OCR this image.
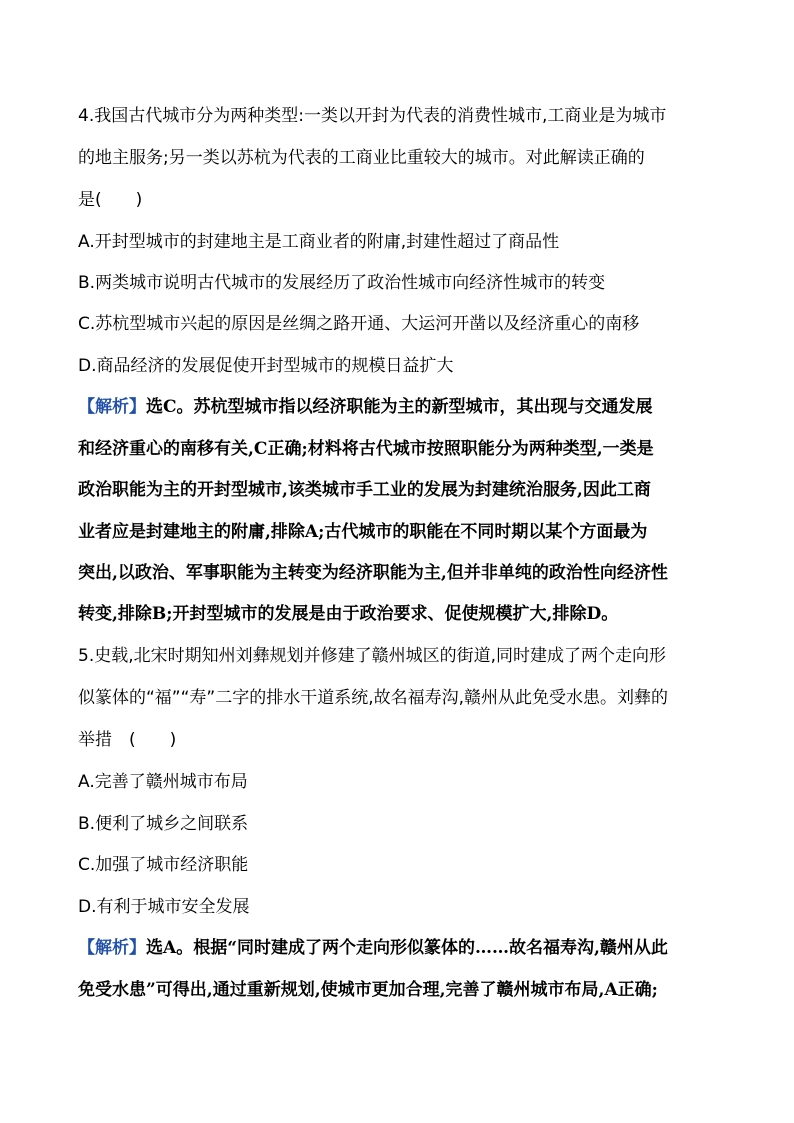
4.我国古代城市分为两种类型:一类以开封为代表的消费性城市,工商业是为城市
的地主服务;另一类以苏杭为代表的工商业比重较大的城市。对此解读正确的
是(　　)
A.开封型城市的封建地主是工商业者的附庸,封建性超过了商品性
B.两类城市说明古代城市的发展经历了政治性城市向经济性城市的转变
C.苏杭型城市兴起的原因是丝绸之路开通、大运河开凿以及经济重心的南移
D.商品经济的发展促使开封型城市的规模日益扩大
【解析】选C。苏杭型城市指以经济职能为主的新型城市，其出现与交通发展
和经济重心的南移有关,C正确;材料将古代城市按照职能分为两种类型,一类是
政治职能为主的开封型城市,该类城市手工业的发展为封建统治服务,因此工商
业者应是封建地主的附庸,排除A;古代城市的职能在不同时期以某个方面最为
突出,以政治、军事职能为主转变为经济职能为主,但并非单纯的政治性向经济性
转变,排除B;开封型城市的发展是由于政治要求、促使规模扩大,排除D。
5.史载,北宋时期知州刘彝规划并修建了赣州城区的街道,同时建成了两个走向形
似篆体的“福”“寿”二字的排水干道系统,故名福寿沟,赣州从此免受水患。刘彝的
举措　(　　)
A.完善了赣州城市布局
B.便利了城乡之间联系
C.加强了城市经济职能
D.有利于城市安全发展
【解析】选A。根据“同时建成了两个走向形似篆体的……故名福寿沟,赣州从此
免受水患”可得出,通过重新规划,使城市更加合理,完善了赣州城市布局,A正确;
